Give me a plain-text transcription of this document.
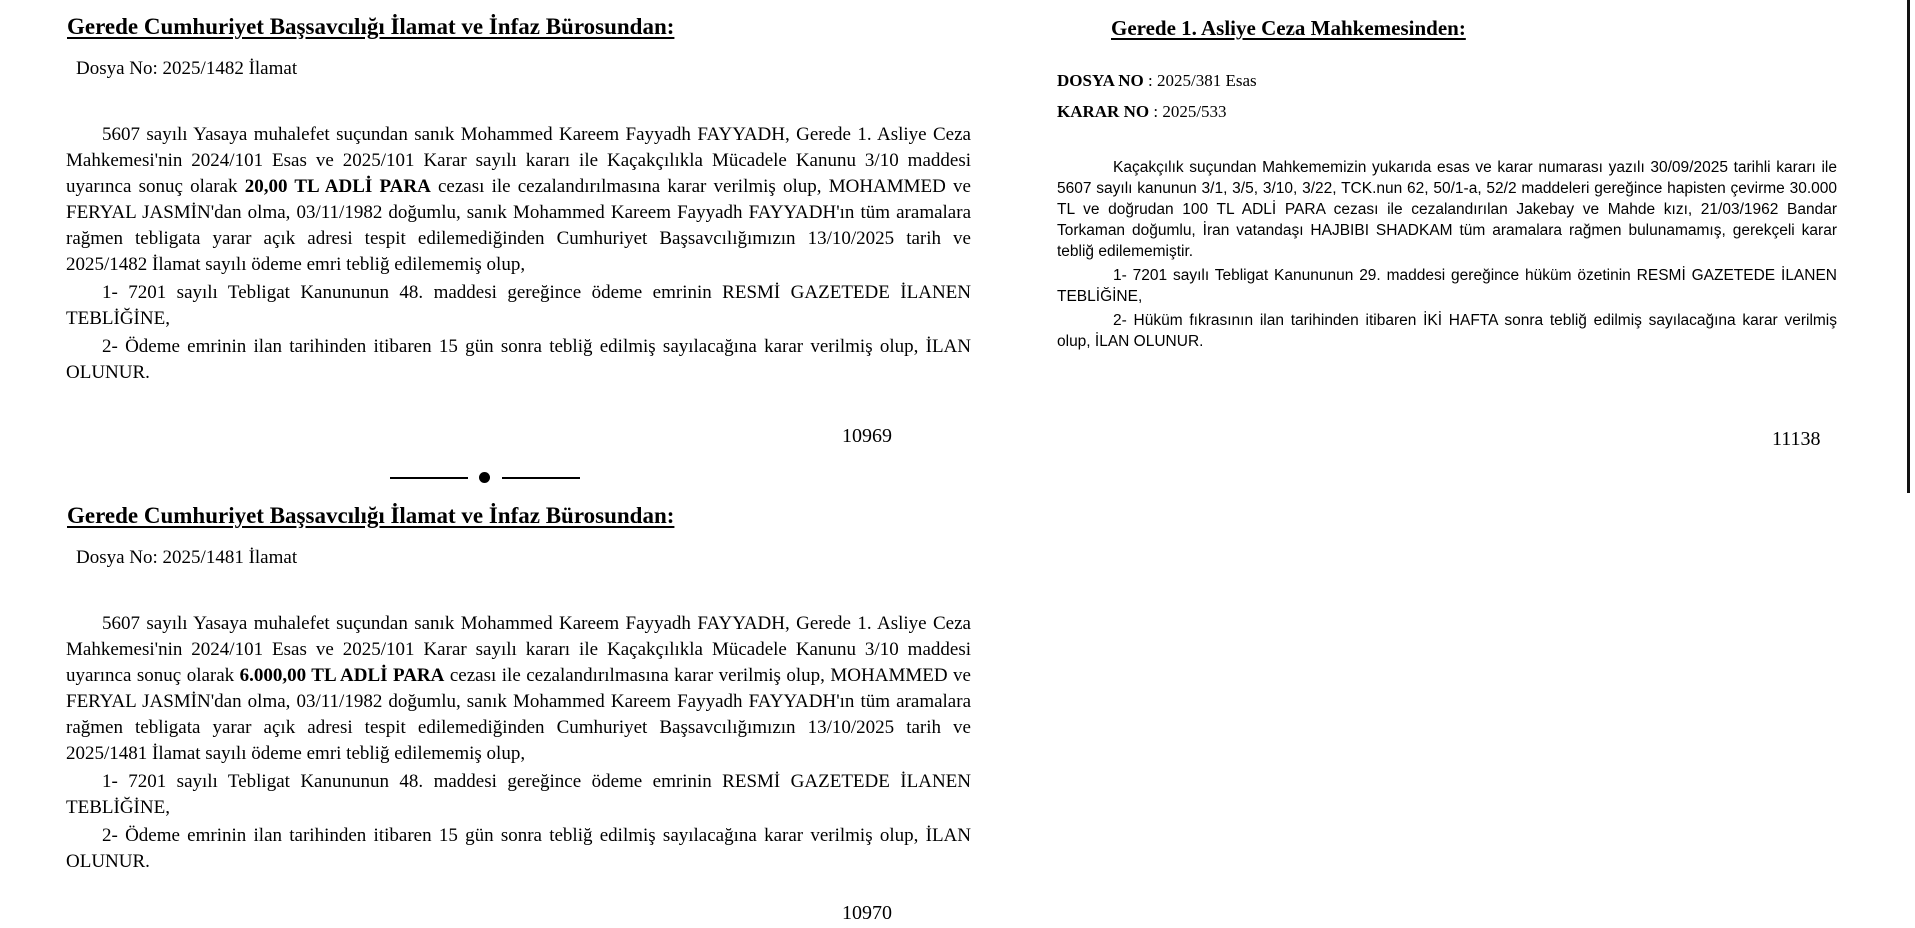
Gerede Cumhuriyet Başsavcılığı İlamat ve İnfaz Bürosundan:

Dosya No: 2025/1482 İlamat

5607 sayılı Yasaya muhalefet suçundan sanık Mohammed Kareem Fayyadh FAYYADH, Gerede 1. Asliye Ceza Mahkemesi'nin 2024/101 Esas ve 2025/101 Karar sayılı kararı ile Kaçakçılıkla Mücadele Kanunu 3/10 maddesi uyarınca sonuç olarak 20,00 TL ADLİ PARA cezası ile cezalandırılmasına karar verilmiş olup, MOHAMMED ve FERYAL JASMİN'dan olma, 03/11/1982 doğumlu, sanık Mohammed Kareem Fayyadh FAYYADH'ın tüm aramalara rağmen tebligata yarar açık adresi tespit edilemediğinden Cumhuriyet Başsavcılığımızın 13/10/2025 tarih ve 2025/1482 İlamat sayılı ödeme emri tebliğ edilememiş olup,

1- 7201 sayılı Tebligat Kanununun 48. maddesi gereğince ödeme emrinin RESMİ GAZETEDE İLANEN TEBLİĞİNE,

2- Ödeme emrinin ilan tarihinden itibaren 15 gün sonra tebliğ edilmiş sayılacağına karar verilmiş olup, İLAN OLUNUR.

10969

Gerede Cumhuriyet Başsavcılığı İlamat ve İnfaz Bürosundan:

Dosya No: 2025/1481 İlamat

5607 sayılı Yasaya muhalefet suçundan sanık Mohammed Kareem Fayyadh FAYYADH, Gerede 1. Asliye Ceza Mahkemesi'nin 2024/101 Esas ve 2025/101 Karar sayılı kararı ile Kaçakçılıkla Mücadele Kanunu 3/10 maddesi uyarınca sonuç olarak 6.000,00 TL ADLİ PARA cezası ile cezalandırılmasına karar verilmiş olup, MOHAMMED ve FERYAL JASMİN'dan olma, 03/11/1982 doğumlu, sanık Mohammed Kareem Fayyadh FAYYADH'ın tüm aramalara rağmen tebligata yarar açık adresi tespit edilemediğinden Cumhuriyet Başsavcılığımızın 13/10/2025 tarih ve 2025/1481 İlamat sayılı ödeme emri tebliğ edilememiş olup,

1- 7201 sayılı Tebligat Kanununun 48. maddesi gereğince ödeme emrinin RESMİ GAZETEDE İLANEN TEBLİĞİNE,

2- Ödeme emrinin ilan tarihinden itibaren 15 gün sonra tebliğ edilmiş sayılacağına karar verilmiş olup, İLAN OLUNUR.

10970

Gerede 1. Asliye Ceza Mahkemesinden:

DOSYA NO : 2025/381 Esas
KARAR NO : 2025/533

Kaçakçılık suçundan Mahkememizin yukarıda esas ve karar numarası yazılı 30/09/2025 tarihli kararı ile 5607 sayılı kanunun 3/1, 3/5, 3/10, 3/22, TCK.nun 62, 50/1-a, 52/2 maddeleri gereğince hapisten çevirme 30.000 TL ve doğrudan 100 TL ADLİ PARA cezası ile cezalandırılan Jakebay ve Mahde kızı, 21/03/1962 Bandar Torkaman doğumlu, İran vatandaşı HAJBIBI SHADKAM tüm aramalara rağmen bulunamamış, gerekçeli karar tebliğ edilememiştir.

1- 7201 sayılı Tebligat Kanununun 29. maddesi gereğince hüküm özetinin RESMİ GAZETEDE İLANEN TEBLİĞİNE,

2- Hüküm fıkrasının ilan tarihinden itibaren İKİ HAFTA sonra tebliğ edilmiş sayılacağına karar verilmiş olup, İLAN OLUNUR.

11138
